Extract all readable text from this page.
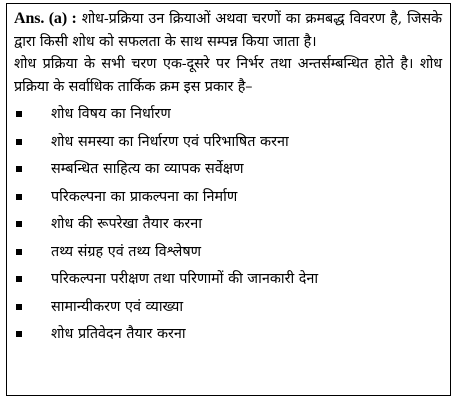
Ans. (a) : शोध-प्रक्रिया उन क्रियाओं अथवा चरणों का क्रमबद्ध विवरण है, जिसके द्वारा किसी शोध को सफलता के साथ सम्पन्न किया जाता है।

शोध प्रक्रिया के सभी चरण एक-दूसरे पर निर्भर तथा अन्तर्सम्बन्धित होते है। शोध प्रक्रिया के सर्वाधिक तार्किक क्रम इस प्रकार है–

शोध विषय का निर्धारण
शोध समस्या का निर्धारण एवं परिभाषित करना
सम्बन्धित साहित्य का व्यापक सर्वेक्षण
परिकल्पना का प्राकल्पना का निर्माण
शोध की रूपरेखा तैयार करना
तथ्य संग्रह एवं तथ्य विश्लेषण
परिकल्पना परीक्षण तथा परिणामों की जानकारी देना
सामान्यीकरण एवं व्याख्या
शोध प्रतिवेदन तैयार करना
